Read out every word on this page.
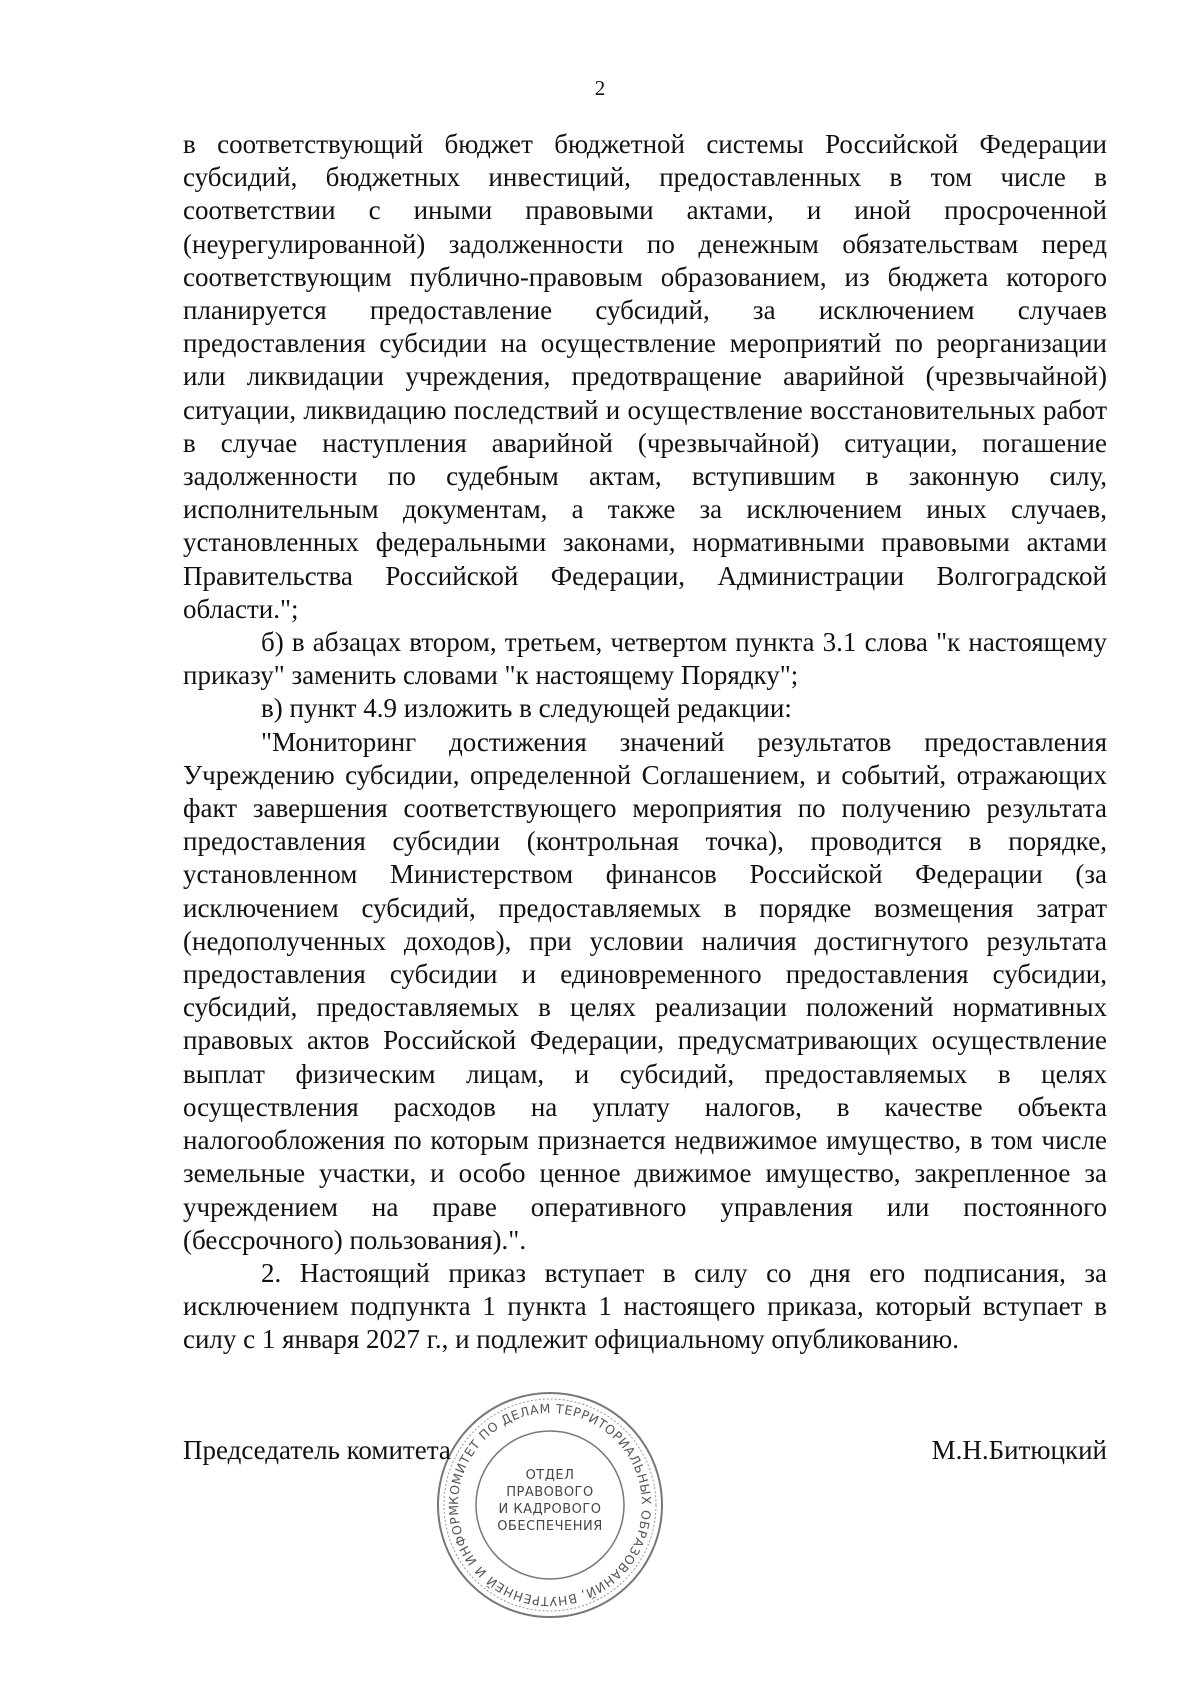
2

в соответствующий бюджет бюджетной системы Российской Федерации субсидий, бюджетных инвестиций, предоставленных в том числе в соответствии с иными правовыми актами, и иной просроченной (неурегулированной) задолженности по денежным обязательствам перед соответствующим публично-правовым образованием, из бюджета которого планируется предоставление субсидий, за исключением случаев предоставления субсидии на осуществление мероприятий по реорганизации или ликвидации учреждения, предотвращение аварийной (чрезвычайной) ситуации, ликвидацию последствий и осуществление восстановительных работ в случае наступления аварийной (чрезвычайной) ситуации, погашение задолженности по судебным актам, вступившим в законную силу, исполнительным документам, а также за исключением иных случаев, установленных федеральными законами, нормативными правовыми актами Правительства Российской Федерации, Администрации Волгоградской области.";

б) в абзацах втором, третьем, четвертом пункта 3.1 слова "к настоящему приказу" заменить словами "к настоящему Порядку";

в) пункт 4.9 изложить в следующей редакции:

"Мониторинг достижения значений результатов предоставления Учреждению субсидии, определенной Соглашением, и событий, отражающих факт завершения соответствующего мероприятия по получению результата предоставления субсидии (контрольная точка), проводится в порядке, установленном Министерством финансов Российской Федерации (за исключением субсидий, предоставляемых в порядке возмещения затрат (недополученных доходов), при условии наличия достигнутого результата предоставления субсидии и единовременного предоставления субсидии, субсидий, предоставляемых в целях реализации положений нормативных правовых актов Российской Федерации, предусматривающих осуществление выплат физическим лицам, и субсидий, предоставляемых в целях осуществления расходов на уплату налогов, в качестве объекта налогообложения по которым признается недвижимое имущество, в том числе земельные участки, и особо ценное движимое имущество, закрепленное за учреждением на праве оперативного управления или постоянного (бессрочного) пользования).".

2. Настоящий приказ вступает в силу со дня его подписания, за исключением подпункта 1 пункта 1 настоящего приказа, который вступает в силу с 1 января 2027 г., и подлежит официальному опубликованию.

КОМИТЕТ ПО ДЕЛАМ ТЕРРИТОРИАЛЬНЫХ ОБРАЗОВАНИЙ, ВНУТРЕННЕЙ И ИНФОРМ
ОТДЕЛ
ПРАВОВОГО
И КАДРОВОГО
ОБЕСПЕЧЕНИЯ
Председатель комитета	М.Н.Битюцкий
